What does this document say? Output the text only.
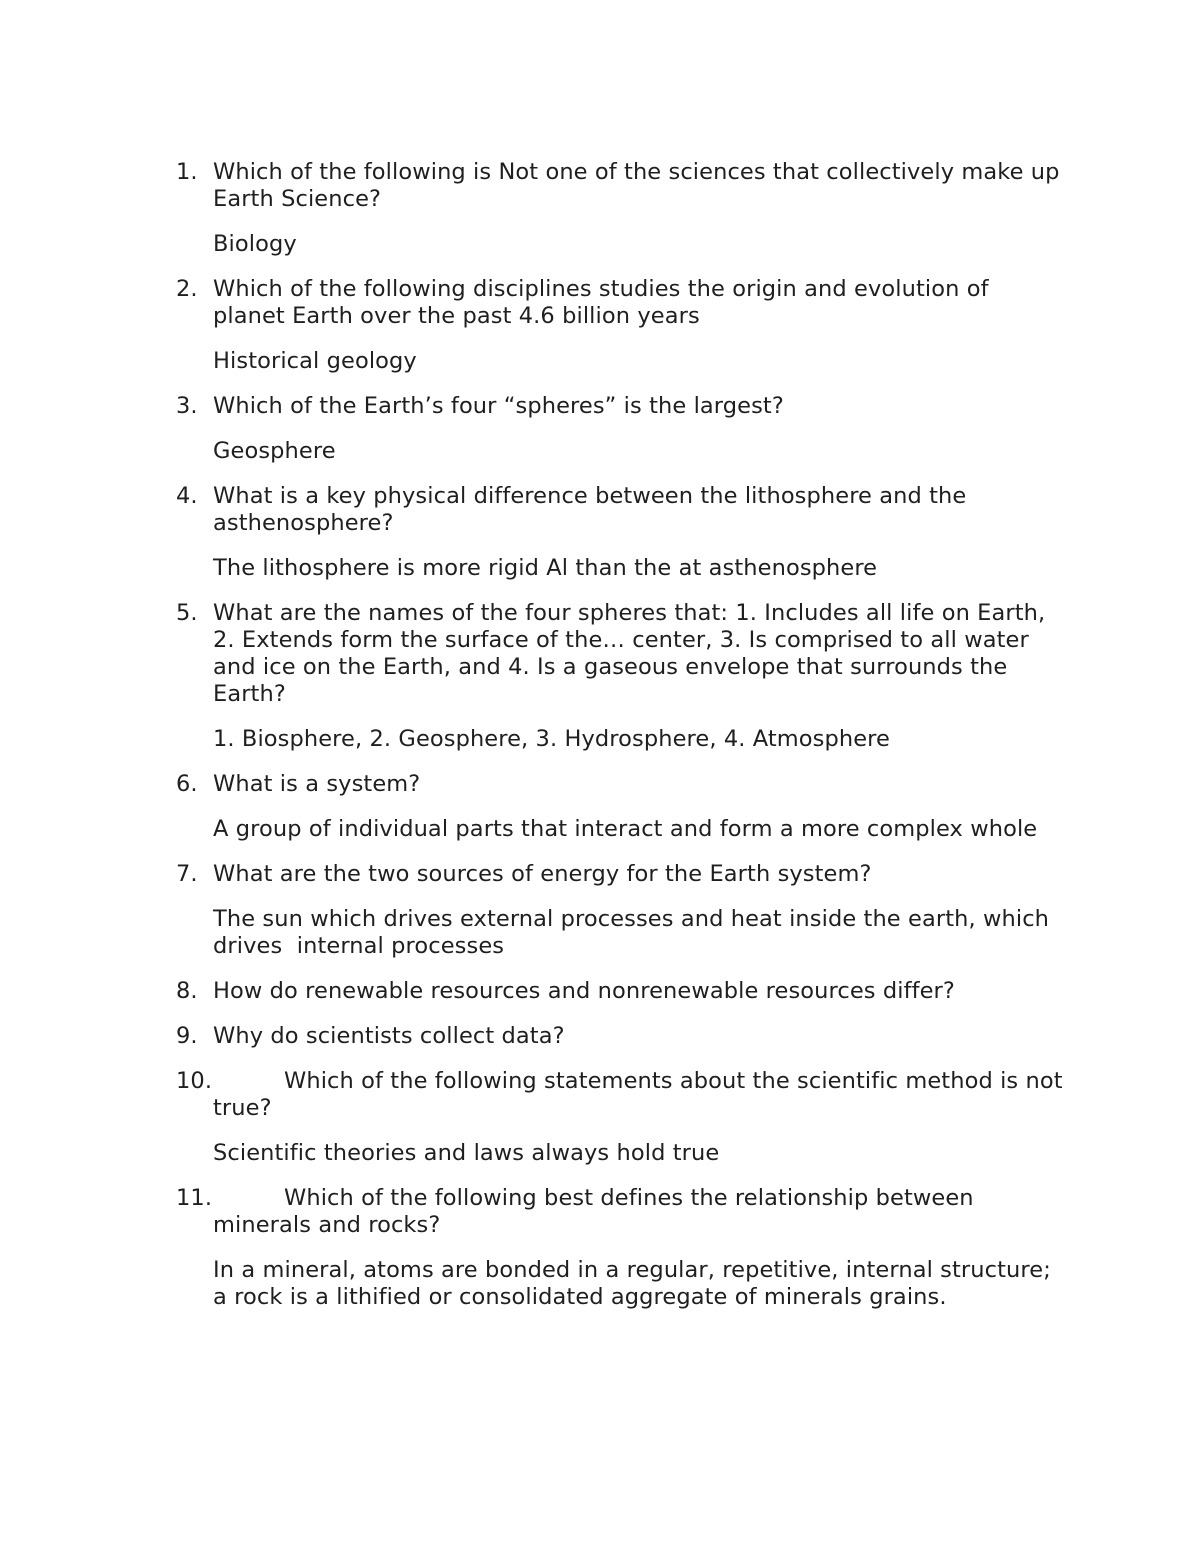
1. Which of the following is Not one of the sciences that collectively make up Earth Science?
Biology
2. Which of the following disciplines studies the origin and evolution of planet Earth over the past 4.6 billion years
Historical geology
3. Which of the Earth’s four “spheres” is the largest?
Geosphere
4. What is a key physical difference between the lithosphere and the asthenosphere?
The lithosphere is more rigid Al than the at asthenosphere
5. What are the names of the four spheres that: 1. Includes all life on Earth, 2. Extends form the surface of the… center, 3. Is comprised to all water and ice on the Earth, and 4. Is a gaseous envelope that surrounds the Earth?
1. Biosphere, 2. Geosphere, 3. Hydrosphere, 4. Atmosphere
6. What is a system?
A group of individual parts that interact and form a more complex whole
7. What are the two sources of energy for the Earth system?
The sun which drives external processes and heat inside the earth, which drives  internal processes
8. How do renewable resources and nonrenewable resources differ?
9. Why do scientists collect data?
10.	Which of the following statements about the scientific method is not true?
Scientific theories and laws always hold true
11.	Which of the following best defines the relationship between minerals and rocks?
In a mineral, atoms are bonded in a regular, repetitive, internal structure; a rock is a lithified or consolidated aggregate of minerals grains.
